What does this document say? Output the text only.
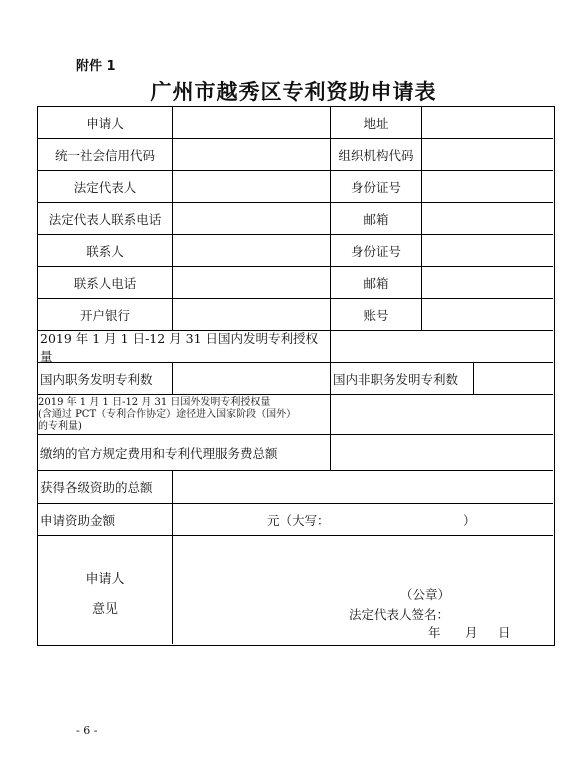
附件 1
广州市越秀区专利资助申请表
申请人	地址
统一社会信用代码	组织机构代码
法定代表人	身份证号
法定代表人联系电话	邮箱
联系人	身份证号
联系人电话	邮箱
开户银行	账号
2019 年 1 月 1 日-12 月 31 日国内发明专利授权量
国内职务发明专利数	国内非职务发明专利数
2019 年 1 月 1 日-12 月 31 日国外发明专利授权量
(含通过 PCT（专利合作协定）途径进入国家阶段（国外）
的专利量)
缴纳的官方规定费用和专利代理服务费总额
获得各级资助的总额
申请资助金额	元（大写：	）
申请人
意见
（公章）
法定代表人签名：
年 月 日
- 6 -
